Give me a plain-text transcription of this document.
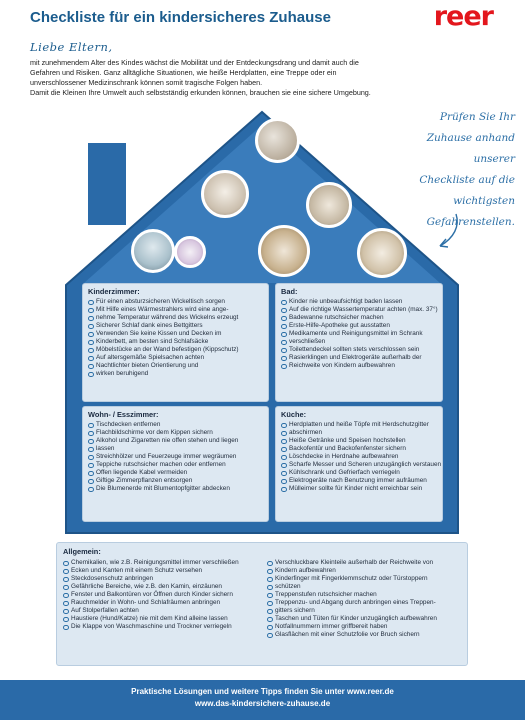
Checkliste für ein kindersicheres Zuhause	reer
Liebe Eltern,

mit zunehmendem Alter des Kindes wächst die Mobilität und der Entdeckungsdrang und damit auch die

Gefahren und Risiken. Ganz alltägliche Situationen, wie heiße Herdplatten, eine Treppe oder ein

unverschlossener Medizinschrank können somit tragische Folgen haben.

Damit die Kleinen Ihre Umwelt auch selbstständig erkunden können, brauchen sie eine sichere Umgebung.

Prüfen Sie Ihr
Zuhause anhand
unserer
Checkliste auf die
wichtigsten
Gefahrenstellen.
Kinderzimmer:
Für einen absturzsicheren Wickeltisch sorgen
Mit Hilfe eines Wärmestrahlers wird eine ange-
nehme Temperatur während des Wickelns erzeugt
Sicherer Schlaf dank eines Bettgitters
Verwenden Sie keine Kissen und Decken im
Kinderbett, am besten sind Schlafsäcke
Möbelstücke an der Wand befestigen (Kippschutz)
Auf altersgemäße Spielsachen achten
Nachtlichter bieten Orientierung und
wirken beruhigend
Bad:
Kinder nie unbeaufsichtigt baden lassen
Auf die richtige Wassertemperatur achten (max. 37°)
Badewanne rutschsicher machen
Erste-Hilfe-Apotheke gut ausstatten
Medikamente und Reinigungsmittel im Schrank
verschließen
Toilettendeckel sollten stets verschlossen sein
Rasierklingen und Elektrogeräte außerhalb der
Reichweite von Kindern aufbewahren
Wohn- / Esszimmer:
Tischdecken entfernen
Flachbildschirme vor dem Kippen sichern
Alkohol und Zigaretten nie offen stehen und liegen
lassen
Streichhölzer und Feuerzeuge immer wegräumen
Teppiche rutschsicher machen oder entfernen
Offen liegende Kabel vermeiden
Giftige Zimmerpflanzen entsorgen
Die Blumenerde mit Blumentopfgitter abdecken
Küche:
Herdplatten und heiße Töpfe mit Herdschutzgitter
abschirmen
Heiße Getränke und Speisen hochstellen
Backofentür und Backofenfenster sichern
Löschdecke in Herdnahe aufbewahren
Scharfe Messer und Scheren unzugänglich verstauen
Kühlschrank und Gefrierfach verriegeln
Elektrogeräte nach Benutzung immer aufräumen
Mülleimer sollte für Kinder nicht erreichbar sein
Allgemein:
Chemikalien, wie z.B. Reinigungsmittel immer verschließen
Ecken und Kanten mit einem Schutz versehen
Steckdosenschutz anbringen
Gefährliche Bereiche, wie z.B. den Kamin, einzäunen
Fenster und Balkontüren vor Öffnen durch Kinder sichern
Rauchmelder in Wohn- und Schlafräumen anbringen
Auf Stolperfallen achten
Haustiere (Hund/Katze) nie mit dem Kind alleine lassen
Die Klappe von Waschmaschine und Trockner verriegeln
Verschluckbare Kleinteile außerhalb der Reichweite von
Kindern aufbewahren
Kinderfinger mit Fingerklemmschutz oder Türstoppern
schützen
Treppenstufen rutschsicher machen
Treppenzu- und Abgang durch anbringen eines Treppen-
gitters sichern
Taschen und Tüten für Kinder unzugänglich aufbewahren
Notfallnummern immer griffbereit haben
Glasflächen mit einer Schutzfolie vor Bruch sichern
Praktische Lösungen und weitere Tipps finden Sie unter www.reer.de
www.das-kindersichere-zuhause.de
